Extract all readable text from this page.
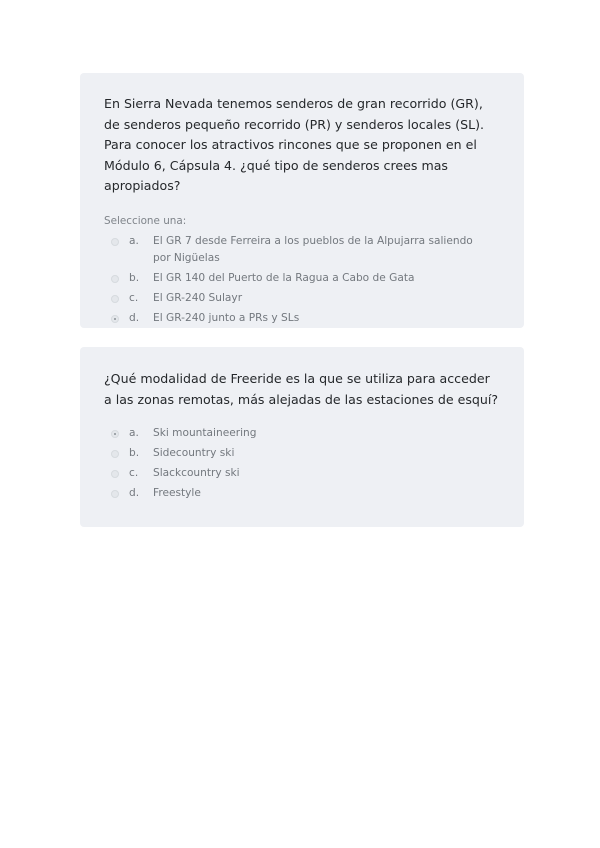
En Sierra Nevada tenemos senderos de gran recorrido (GR), de senderos pequeño recorrido (PR) y senderos locales (SL). Para conocer los atractivos rincones que se proponen en el Módulo 6, Cápsula 4. ¿qué tipo de senderos crees mas apropiados?
Seleccione una:
a.	El GR 7 desde Ferreira a los pueblos de la Alpujarra saliendo por Nigüelas
b.	El GR 140 del Puerto de la Ragua a Cabo de Gata
c.	El GR-240 Sulayr
d.	El GR-240 junto a PRs y SLs
¿Qué modalidad de Freeride es la que se utiliza para acceder a las zonas remotas, más alejadas de las estaciones de esquí?
a.	Ski mountaineering
b.	Sidecountry ski
c.	Slackcountry ski
d.	Freestyle
